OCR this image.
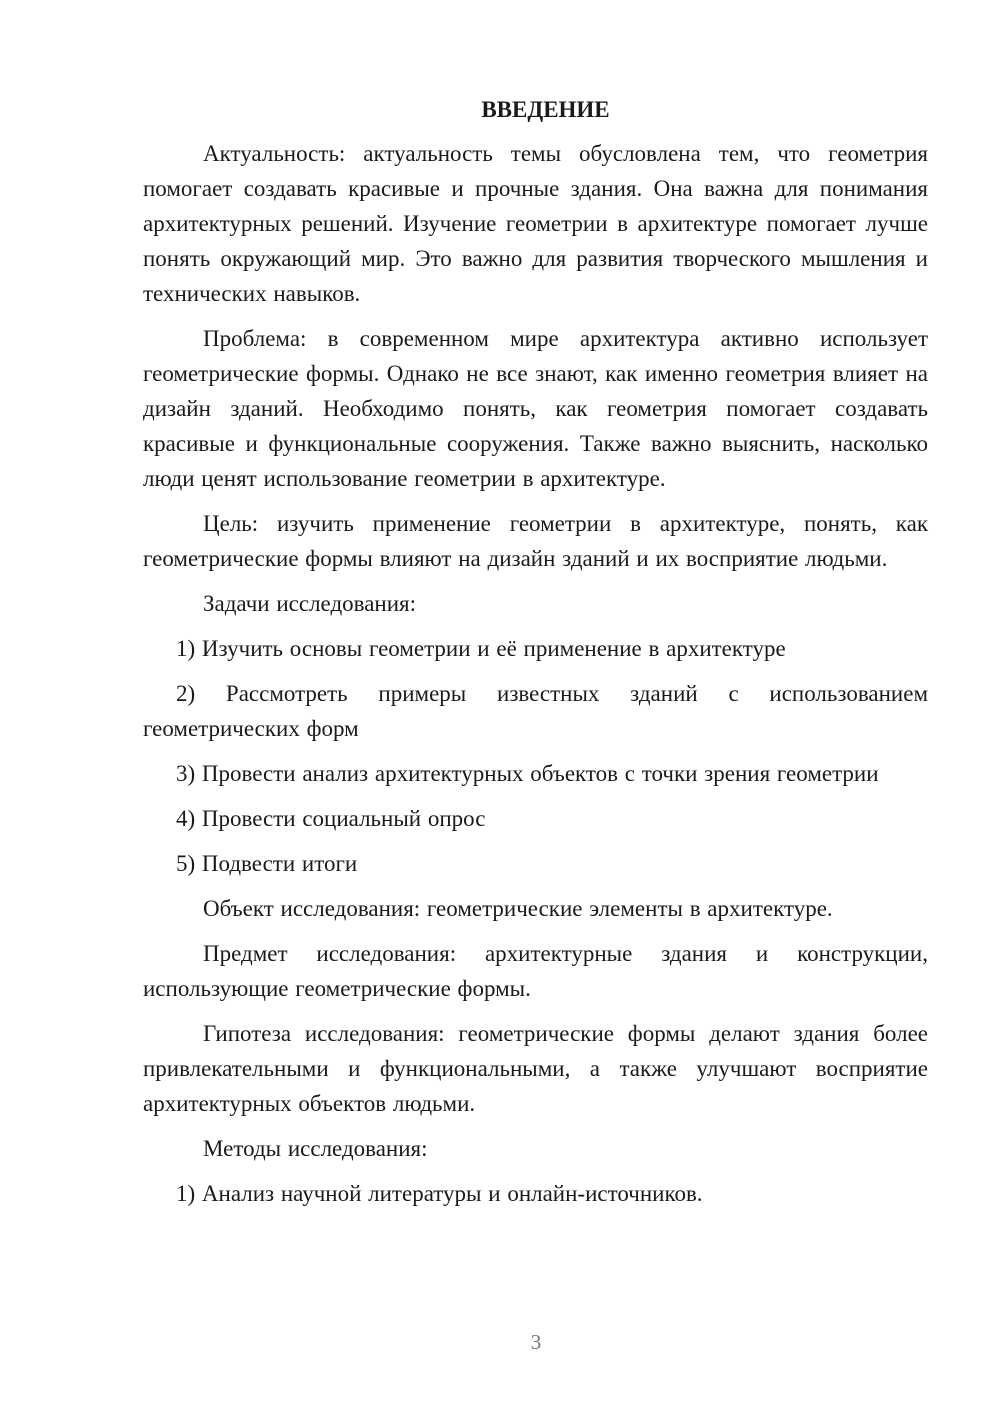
ВВЕДЕНИЕ

Актуальность: актуальность темы обусловлена тем, что геометрия помогает создавать красивые и прочные здания. Она важна для понимания архитектурных решений. Изучение геометрии в архитектуре помогает лучше понять окружающий мир. Это важно для развития творческого мышления и технических навыков.

Проблема: в современном мире архитектура активно использует геометрические формы. Однако не все знают, как именно геометрия влияет на дизайн зданий. Необходимо понять, как геометрия помогает создавать красивые и функциональные сооружения. Также важно выяснить, насколько люди ценят использование геометрии в архитектуре.

Цель: изучить применение геометрии в архитектуре, понять, как геометрические формы влияют на дизайн зданий и их восприятие людьми.

Задачи исследования:

1) Изучить основы геометрии и её применение в архитектуре

2) Рассмотреть примеры известных зданий с использованием геометрических форм

3) Провести анализ архитектурных объектов с точки зрения геометрии

4) Провести социальный опрос

5) Подвести итоги

Объект исследования: геометрические элементы в архитектуре.

Предмет исследования: архитектурные здания и конструкции, использующие геометрические формы.

Гипотеза исследования: геометрические формы делают здания более привлекательными и функциональными, а также улучшают восприятие архитектурных объектов людьми.

Методы исследования:

1) Анализ научной литературы и онлайн-источников.

3
